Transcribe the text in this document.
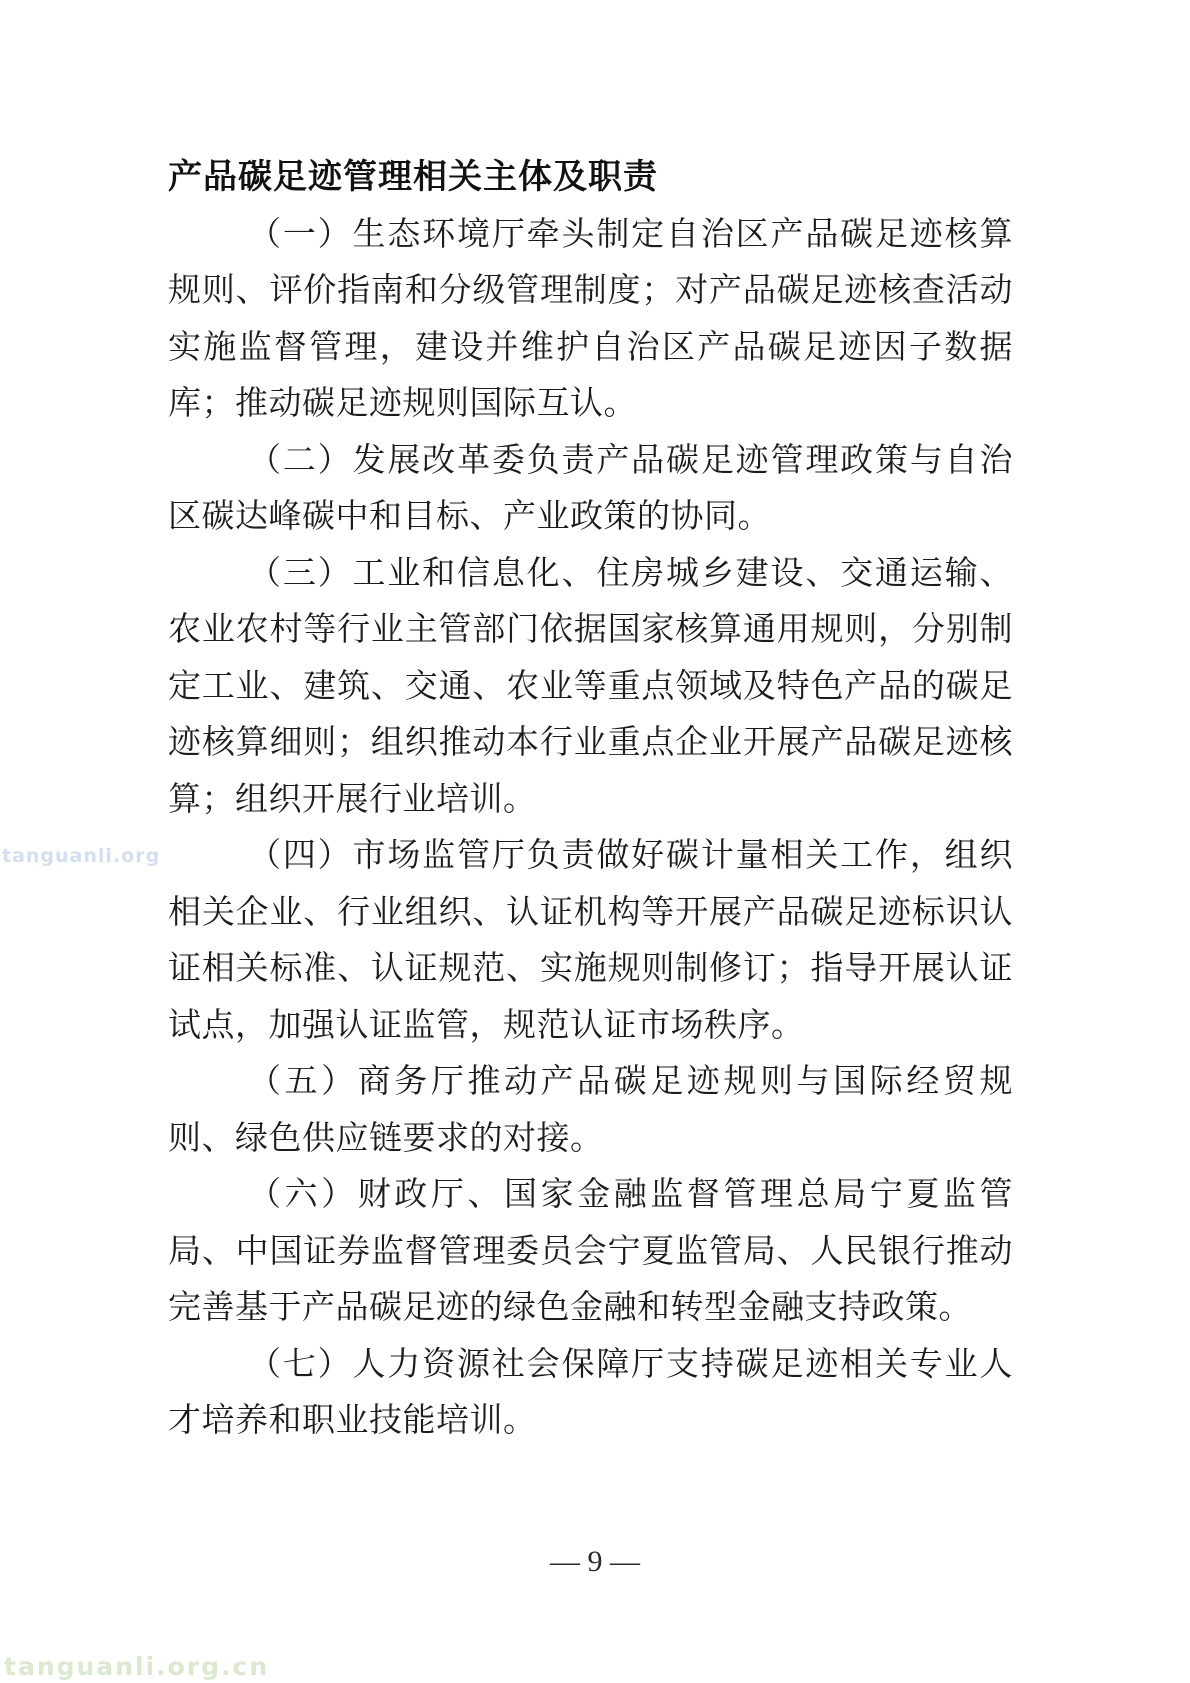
产品碳足迹管理相关主体及职责

（一）生态环境厅牵头制定自治区产品碳足迹核算规则、评价指南和分级管理制度；对产品碳足迹核查活动实施监督管理，建设并维护自治区产品碳足迹因子数据库；推动碳足迹规则国际互认。

（二）发展改革委负责产品碳足迹管理政策与自治区碳达峰碳中和目标、产业政策的协同。

（三）工业和信息化、住房城乡建设、交通运输、农业农村等行业主管部门依据国家核算通用规则，分别制定工业、建筑、交通、农业等重点领域及特色产品的碳足迹核算细则；组织推动本行业重点企业开展产品碳足迹核算；组织开展行业培训。

（四）市场监管厅负责做好碳计量相关工作，组织相关企业、行业组织、认证机构等开展产品碳足迹标识认证相关标准、认证规范、实施规则制修订；指导开展认证试点，加强认证监管，规范认证市场秩序。

（五）商务厅推动产品碳足迹规则与国际经贸规则、绿色供应链要求的对接。

（六）财政厅、国家金融监督管理总局宁夏监管局、中国证券监督管理委员会宁夏监管局、人民银行推动完善基于产品碳足迹的绿色金融和转型金融支持政策。

（七）人力资源社会保障厅支持碳足迹相关专业人才培养和职业技能培训。

— 9 —
tanguanli.org
tanguanli.org.cn
